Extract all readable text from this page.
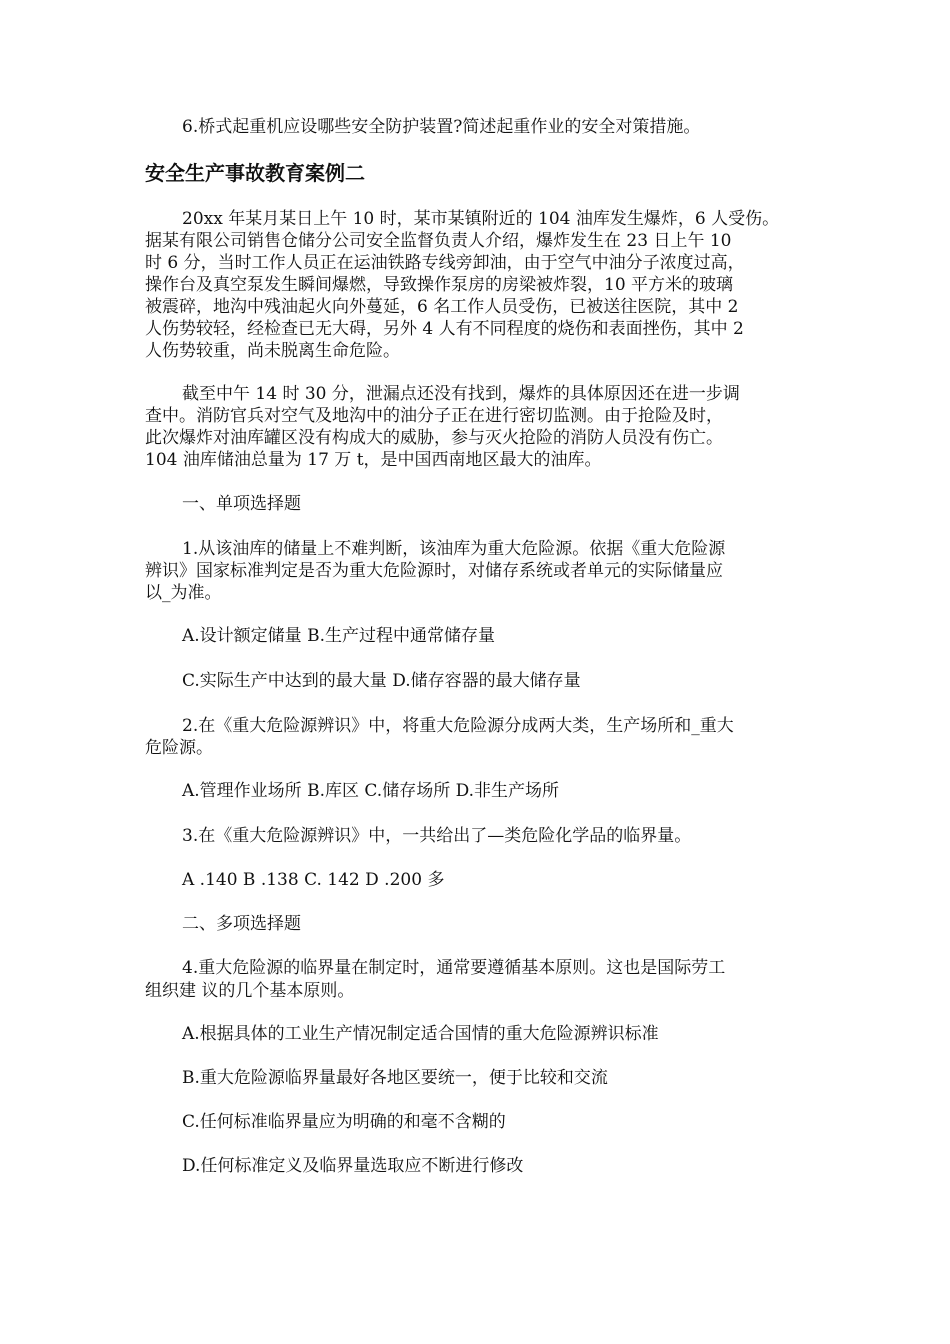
6.桥式起重机应设哪些安全防护装置?简述起重作业的安全对策措施。

安全生产事故教育案例二

20xx 年某月某日上午 10 时，某市某镇附近的 104 油库发生爆炸，6 人受伤。

据某有限公司销售仓储分公司安全监督负责人介绍，爆炸发生在 23 日上午 10

时 6 分，当时工作人员正在运油铁路专线旁卸油，由于空气中油分子浓度过高，

操作台及真空泵发生瞬间爆燃，导致操作泵房的房梁被炸裂，10 平方米的玻璃

被震碎，地沟中残油起火向外蔓延，6 名工作人员受伤，已被送往医院，其中 2

人伤势较轻，经检查已无大碍，另外 4 人有不同程度的烧伤和表面挫伤，其中 2

人伤势较重，尚未脱离生命危险。

截至中午 14 时 30 分，泄漏点还没有找到，爆炸的具体原因还在进一步调

查中。消防官兵对空气及地沟中的油分子正在进行密切监测。由于抢险及时，

此次爆炸对油库罐区没有构成大的威胁，参与灭火抢险的消防人员没有伤亡。

104 油库储油总量为 17 万 t，是中国西南地区最大的油库。

一、单项选择题

1.从该油库的储量上不难判断，该油库为重大危险源。依据《重大危险源

辨识》国家标准判定是否为重大危险源时，对储存系统或者单元的实际储量应

以_为准。

A.设计额定储量 B.生产过程中通常储存量

C.实际生产中达到的最大量 D.储存容器的最大储存量

2.在《重大危险源辨识》中，将重大危险源分成两大类，生产场所和_重大

危险源。

A.管理作业场所 B.库区 C.储存场所 D.非生产场所

3.在《重大危险源辨识》中，一共给出了—类危险化学品的临界量。

A .140 B .138 C. 142 D .200 多

二、多项选择题

4.重大危险源的临界量在制定时，通常要遵循基本原则。这也是国际劳工

组织建 议的几个基本原则。

A.根据具体的工业生产情况制定适合国情的重大危险源辨识标准

B.重大危险源临界量最好各地区要统一，便于比较和交流

C.任何标准临界量应为明确的和毫不含糊的

D.任何标准定义及临界量选取应不断进行修改
